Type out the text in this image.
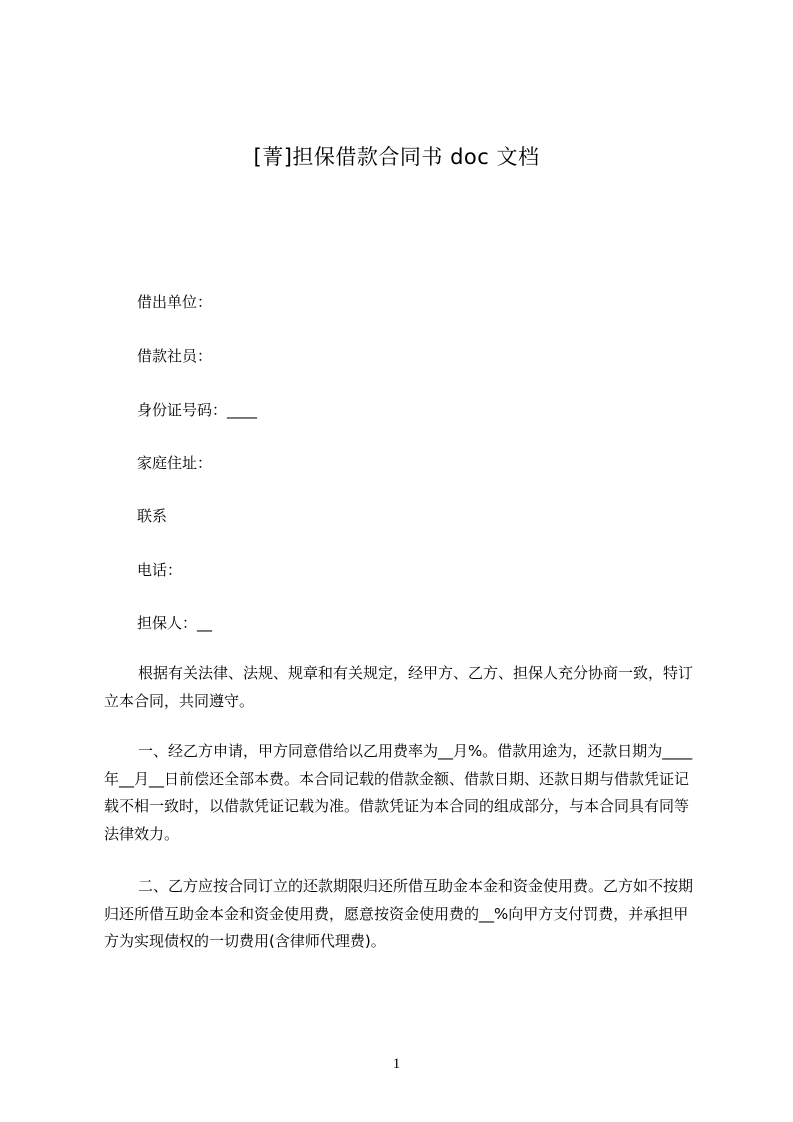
[菁]担保借款合同书 doc 文档
借出单位：
借款社员：
身份证号码：____
家庭住址：
联系
电话：
担保人：__
根据有关法律、法规、规章和有关规定，经甲方、乙方、担保人充分协商一致，特订立本合同，共同遵守。
一、经乙方申请，甲方同意借给以乙用费率为__月%。借款用途为，还款日期为____年__月__日前偿还全部本费。本合同记载的借款金额、借款日期、还款日期与借款凭证记载不相一致时，以借款凭证记载为准。借款凭证为本合同的组成部分，与本合同具有同等法律效力。
二、乙方应按合同订立的还款期限归还所借互助金本金和资金使用费。乙方如不按期归还所借互助金本金和资金使用费，愿意按资金使用费的__%向甲方支付罚费，并承担甲方为实现债权的一切费用(含律师代理费)。
1
